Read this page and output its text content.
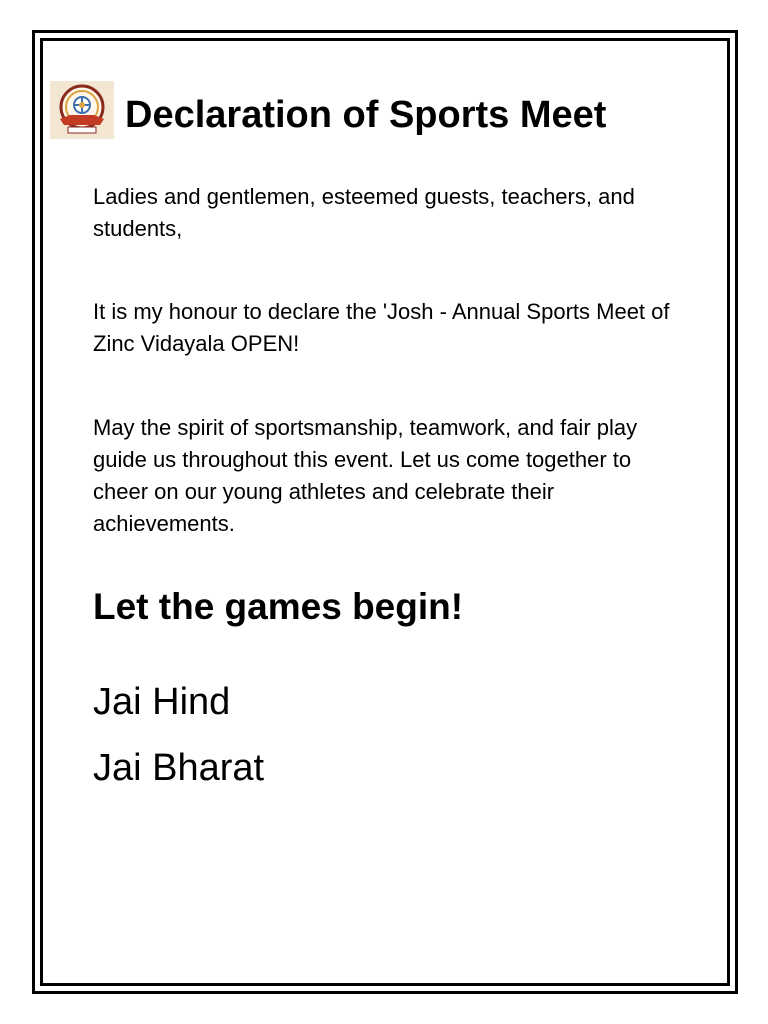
Declaration of Sports Meet
Ladies and gentlemen, esteemed guests, teachers, and students,
It is my honour to declare the 'Josh - Annual Sports Meet of Zinc Vidayala OPEN!
May the spirit of sportsmanship, teamwork, and fair play guide us throughout this event. Let us come together to cheer on our young athletes and celebrate their achievements.
Let the games begin!
Jai Hind
Jai Bharat
